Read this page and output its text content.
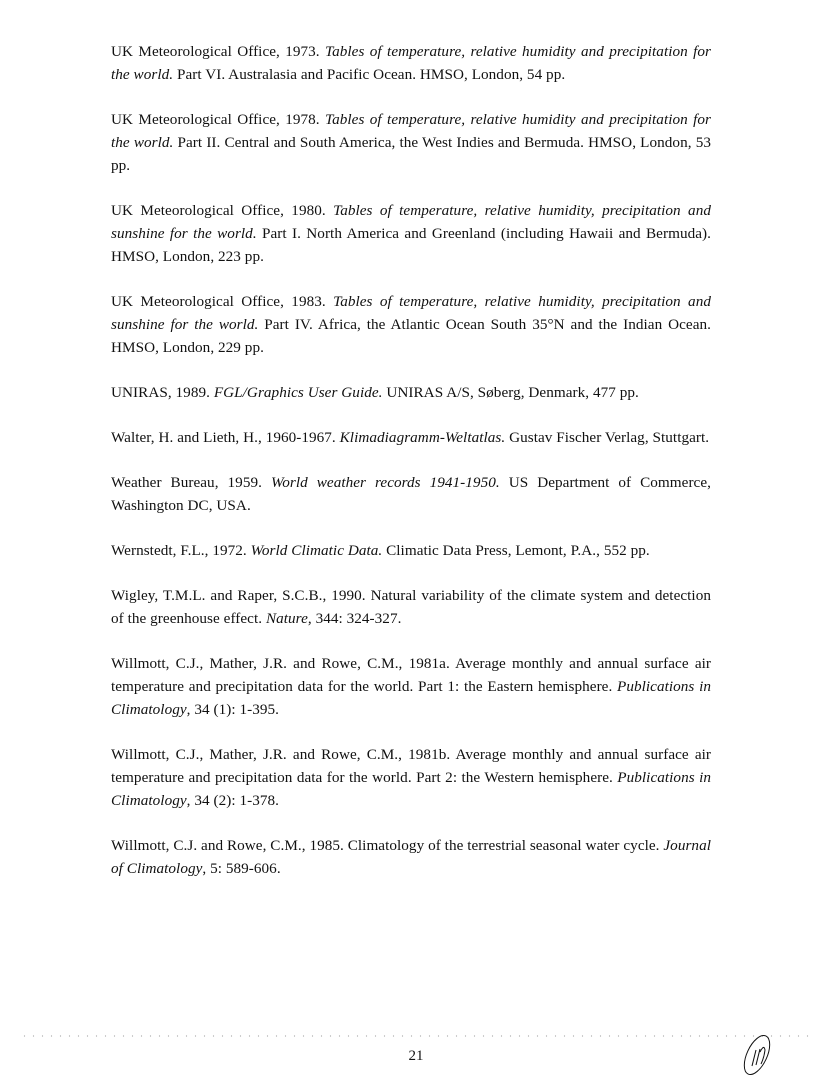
UK Meteorological Office, 1973. Tables of temperature, relative humidity and precipitation for the world. Part VI. Australasia and Pacific Ocean. HMSO, London, 54 pp.

UK Meteorological Office, 1978. Tables of temperature, relative humidity and precipitation for the world. Part II. Central and South America, the West Indies and Bermuda. HMSO, London, 53 pp.

UK Meteorological Office, 1980. Tables of temperature, relative humidity, precipitation and sunshine for the world. Part I. North America and Greenland (including Hawaii and Bermuda). HMSO, London, 223 pp.

UK Meteorological Office, 1983. Tables of temperature, relative humidity, precipitation and sunshine for the world. Part IV. Africa, the Atlantic Ocean South 35°N and the Indian Ocean. HMSO, London, 229 pp.

UNIRAS, 1989. FGL/Graphics User Guide. UNIRAS A/S, Søberg, Denmark, 477 pp.

Walter, H. and Lieth, H., 1960-1967. Klimadiagramm-Weltatlas. Gustav Fischer Verlag, Stuttgart.

Weather Bureau, 1959. World weather records 1941-1950. US Department of Commerce, Washington DC, USA.

Wernstedt, F.L., 1972. World Climatic Data. Climatic Data Press, Lemont, P.A., 552 pp.

Wigley, T.M.L. and Raper, S.C.B., 1990. Natural variability of the climate system and detection of the greenhouse effect. Nature, 344: 324-327.

Willmott, C.J., Mather, J.R. and Rowe, C.M., 1981a. Average monthly and annual surface air temperature and precipitation data for the world. Part 1: the Eastern hemisphere. Publications in Climatology, 34 (1): 1-395.

Willmott, C.J., Mather, J.R. and Rowe, C.M., 1981b. Average monthly and annual surface air temperature and precipitation data for the world. Part 2: the Western hemisphere. Publications in Climatology, 34 (2): 1-378.

Willmott, C.J. and Rowe, C.M., 1985. Climatology of the terrestrial seasonal water cycle. Journal of Climatology, 5: 589-606.

21
